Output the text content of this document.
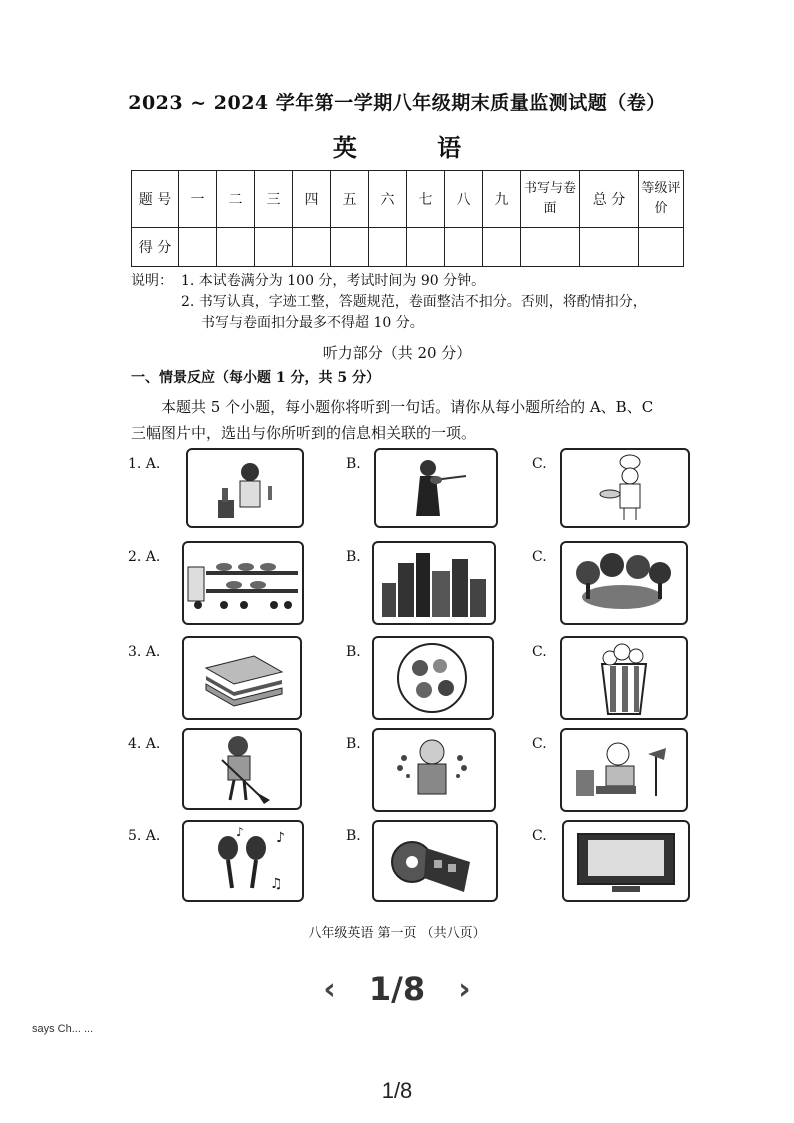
2023 ~ 2024 学年第一学期八年级期末质量监测试题（卷）
英 语
题 号	一	二	三	四	五	六	七	八	九	书写与卷面	总 分	等级评价
得 分												
说明： 1. 本试卷满分为 100 分，考试时间为 90 分钟。
2. 书写认真，字迹工整，答题规范，卷面整洁不扣分。否则，将酌情扣分，
书写与卷面扣分最多不得超 10 分。
听力部分（共 20 分）
一、情景反应（每小题 1 分，共 5 分）
本题共 5 个小题，每小题你将听到一句话。请你从每小题所给的 A、B、C 三幅图片中，选出与你所听到的信息相关联的一项。
八年级英语 第一页 （共八页）
‹ 1/8 ›
says Ch... ...
1/8
1. A.	B.	C.
2. A.	B.	C.
3. A.	B.	C.
4. A.	B.	C.
5. A.	B.	C.
♪
♪
♫
